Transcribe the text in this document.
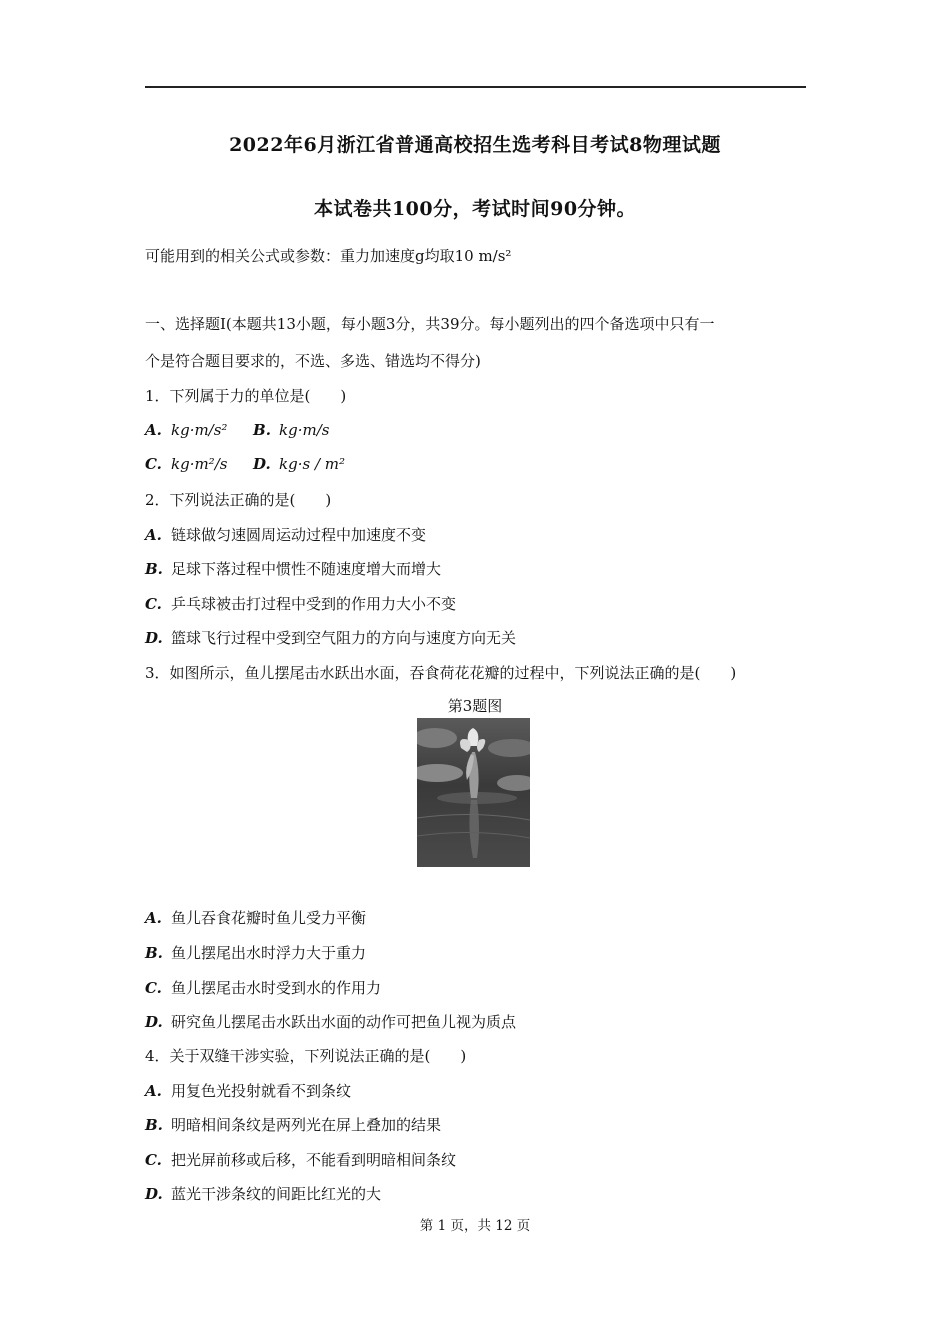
2022年6月浙江省普通高校招生选考科目考试8物理试题
本试卷共100分，考试时间90分钟。
可能用到的相关公式或参数：重力加速度g均取10 m/s²
一、选择题Ⅰ(本题共13小题，每小题3分，共39分。每小题列出的四个备选项中只有一
个是符合题目要求的，不选、多选、错选均不得分)
1．下列属于力的单位是(　　)
A. kg·m/s² B. kg·m/s
C. kg·m²/s D. kg·s / m²
2．下列说法正确的是(　　)
A. 链球做匀速圆周运动过程中加速度不变
B. 足球下落过程中惯性不随速度增大而增大
C. 乒乓球被击打过程中受到的作用力大小不变
D. 篮球飞行过程中受到空气阻力的方向与速度方向无关
3．如图所示，鱼儿摆尾击水跃出水面，吞食荷花花瓣的过程中，下列说法正确的是(　　)
第3题图
A. 鱼儿吞食花瓣时鱼儿受力平衡
B. 鱼儿摆尾出水时浮力大于重力
C. 鱼儿摆尾击水时受到水的作用力
D. 研究鱼儿摆尾击水跃出水面的动作可把鱼儿视为质点
4．关于双缝干涉实验，下列说法正确的是(　　)
A. 用复色光投射就看不到条纹
B. 明暗相间条纹是两列光在屏上叠加的结果
C. 把光屏前移或后移，不能看到明暗相间条纹
D. 蓝光干涉条纹的间距比红光的大
第 1 页，共 12 页
